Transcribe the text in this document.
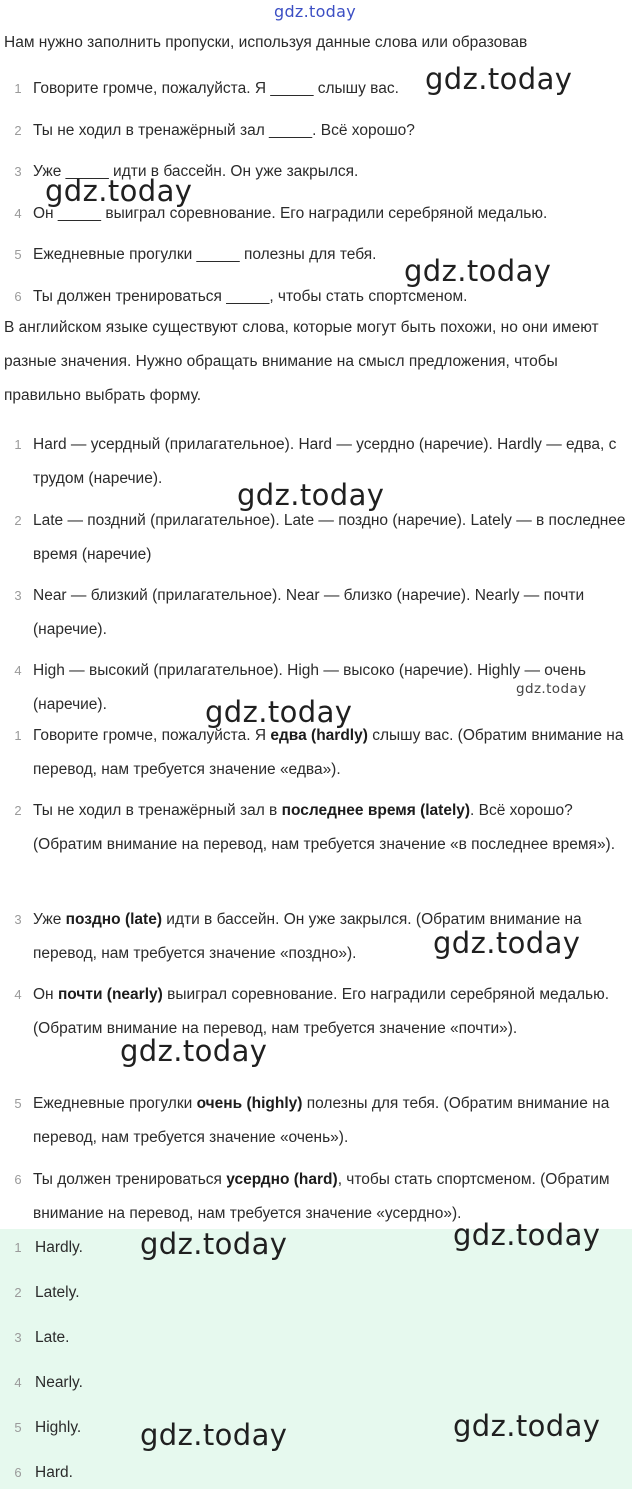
gdz.today
Нам нужно заполнить пропуски, используя данные слова или образовав
1 Говорите громче, пожалуйста. Я _____ слышу вас.
2 Ты не ходил в тренажёрный зал _____. Всё хорошо?
3 Уже _____ идти в бассейн. Он уже закрылся.
4 Он _____ выиграл соревнование. Его наградили серебряной медалью.
5 Ежедневные прогулки _____ полезны для тебя.
6 Ты должен тренироваться _____, чтобы стать спортсменом.
В английском языке существуют слова, которые могут быть похожи, но они имеют разные значения. Нужно обращать внимание на смысл предложения, чтобы правильно выбрать форму.
1 Hard — усердный (прилагательное). Hard — усердно (наречие). Hardly — едва, с трудом (наречие).
2 Late — поздний (прилагательное). Late — поздно (наречие). Lately — в последнее время (наречие)
3 Near — близкий (прилагательное). Near — близко (наречие). Nearly — почти (наречие).
4 High — высокий (прилагательное). High — высоко (наречие). Highly — очень (наречие).
1 Говорите громче, пожалуйста. Я едва (hardly) слышу вас. (Обратим внимание на перевод, нам требуется значение «едва»).
2 Ты не ходил в тренажёрный зал в последнее время (lately). Всё хорошо? (Обратим внимание на перевод, нам требуется значение «в последнее время»).
3 Уже поздно (late) идти в бассейн. Он уже закрылся. (Обратим внимание на перевод, нам требуется значение «поздно»).
4 Он почти (nearly) выиграл соревнование. Его наградили серебряной медалью. (Обратим внимание на перевод, нам требуется значение «почти»).
5 Ежедневные прогулки очень (highly) полезны для тебя. (Обратим внимание на перевод, нам требуется значение «очень»).
6 Ты должен тренироваться усердно (hard), чтобы стать спортсменом. (Обратим внимание на перевод, нам требуется значение «усердно»).
1 Hardly.
2 Lately.
3 Late.
4 Nearly.
5 Highly.
6 Hard.
gdz.today
gdz.today
gdz.today
gdz.today
gdz.today
gdz.today
gdz.today
gdz.today
gdz.today	gdz.today
gdz.today	gdz.today
